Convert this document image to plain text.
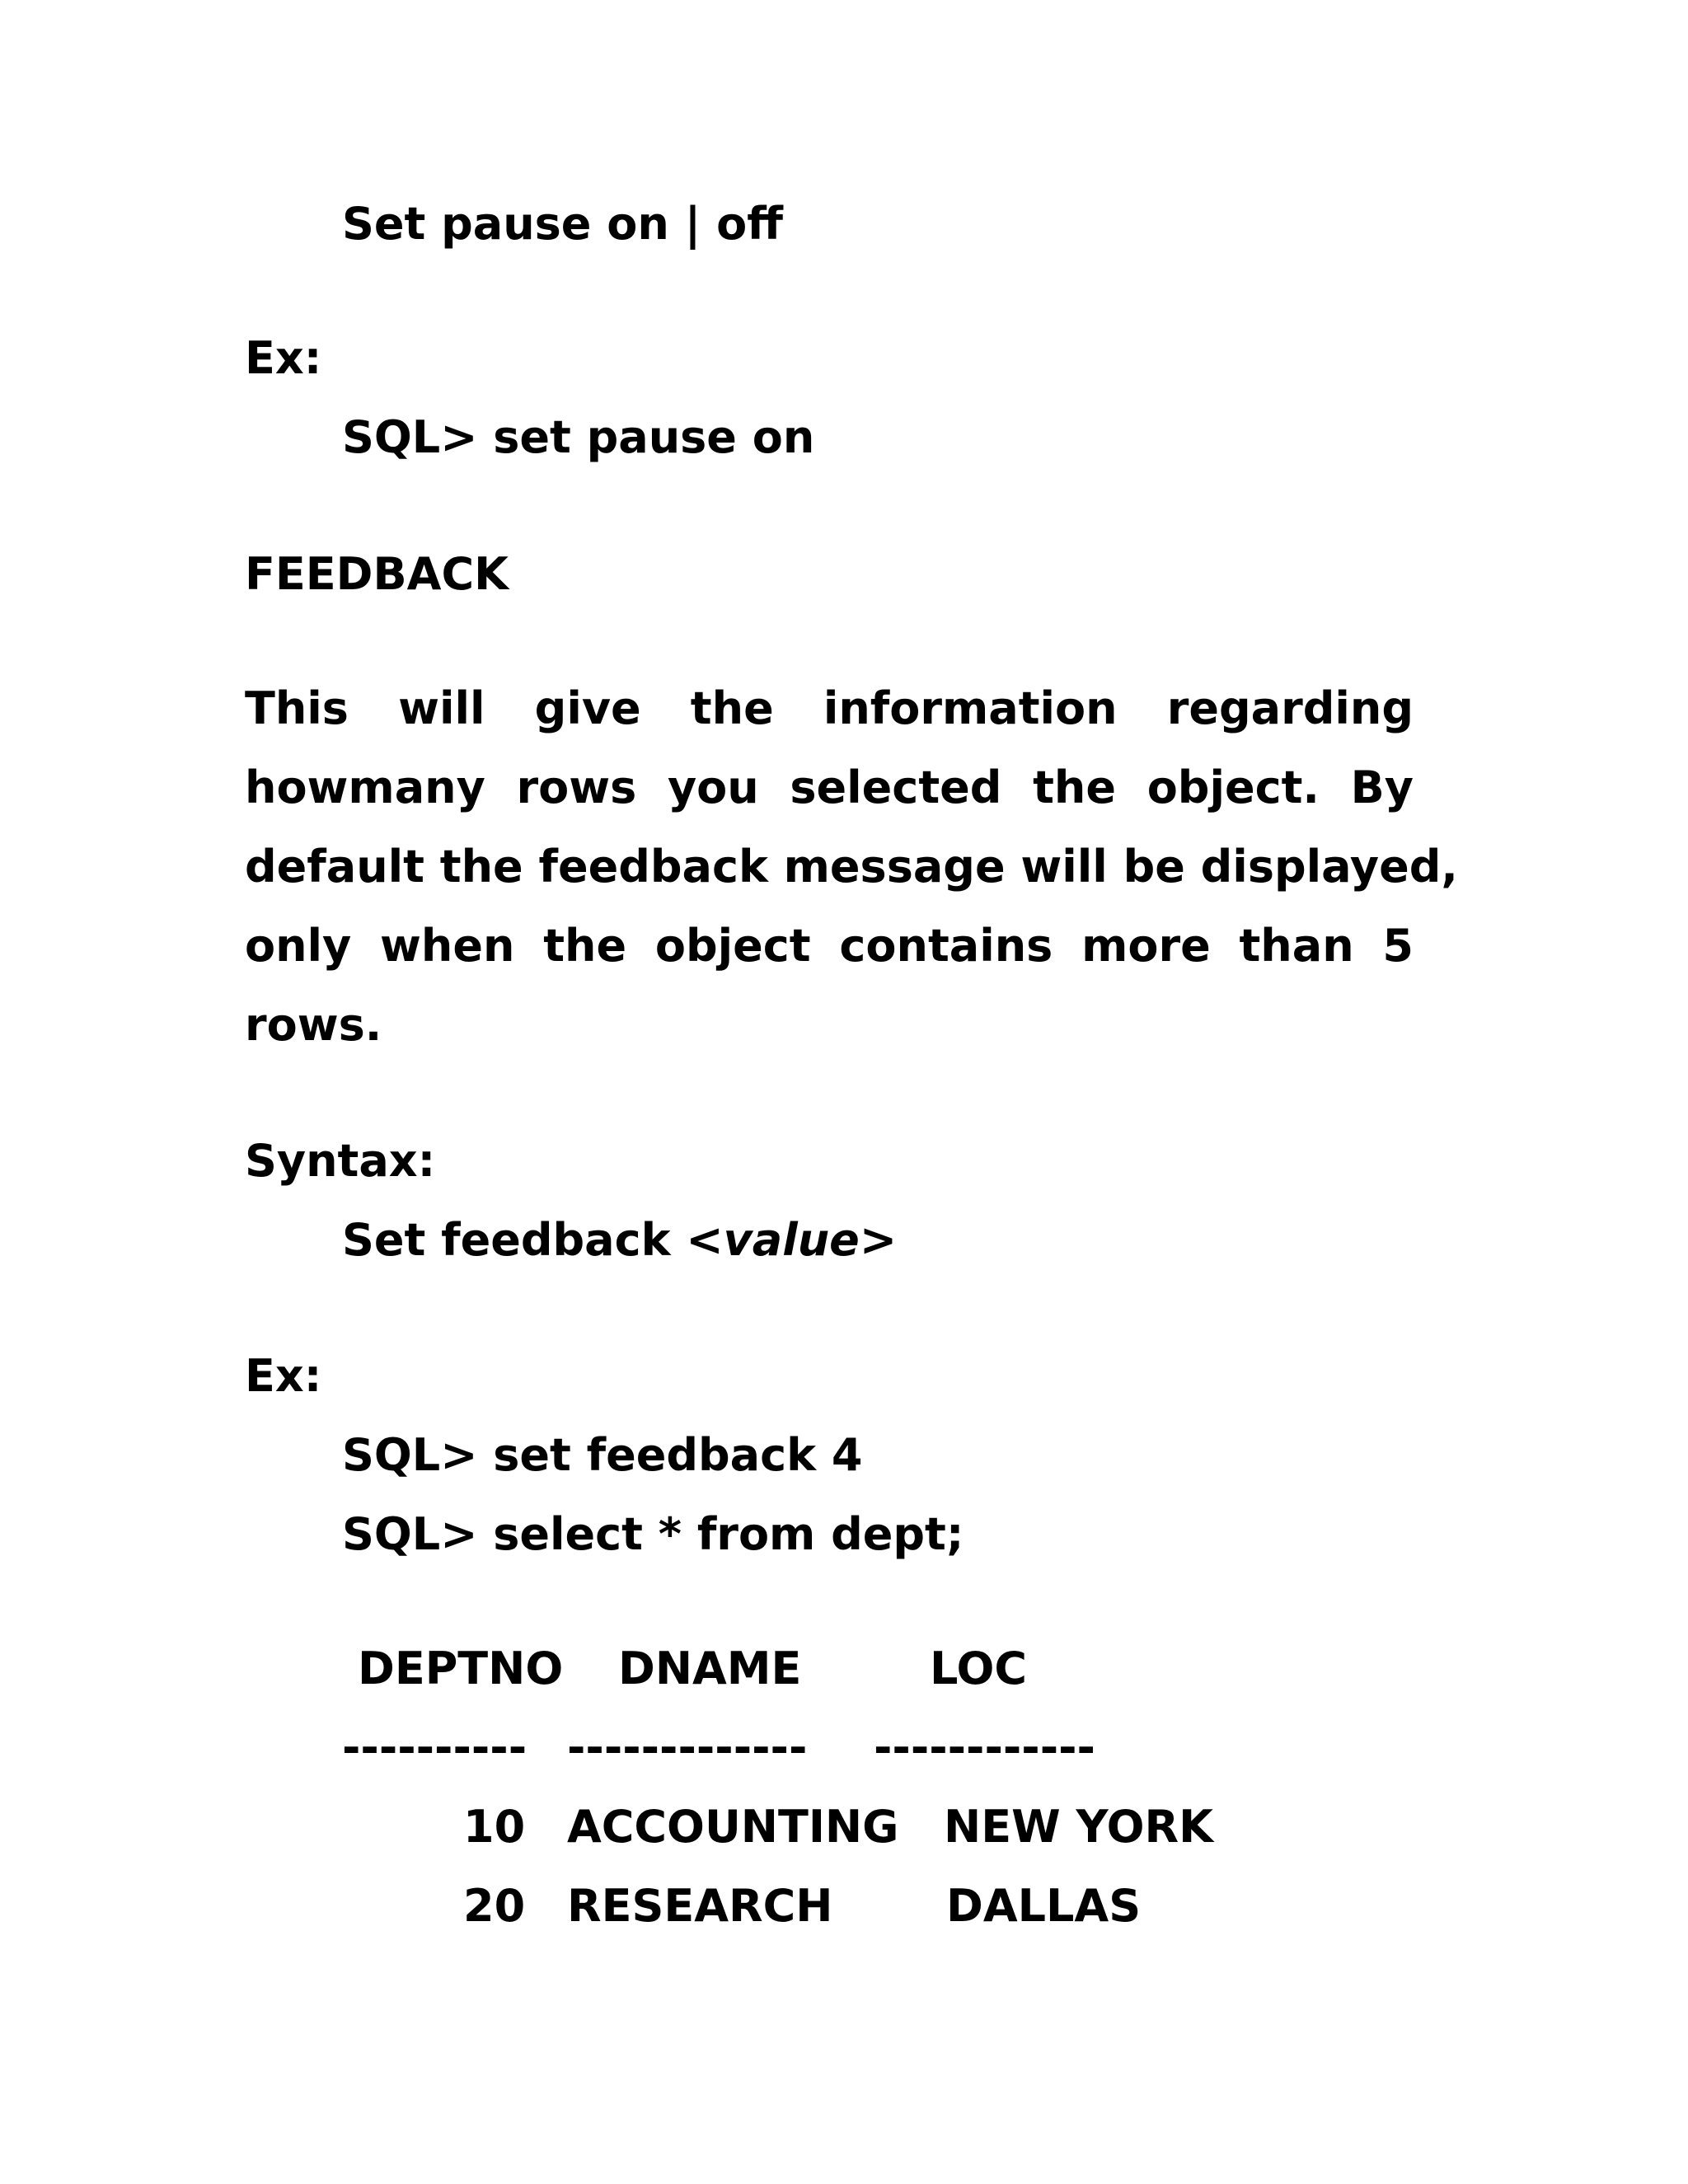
Set pause on | off
Ex:
SQL> set pause on
FEEDBACK
This will give the information regarding
howmany rows you selected the object. By
default the feedback message will be displayed,
only when the object contains more than 5
rows.
Syntax:
Set feedback <value>
Ex:
SQL> set feedback 4
SQL> select * from dept;
DEPTNO DNAME	LOC
---------- ------------- ------------
10 ACCOUNTING NEW YORK
20 RESEARCH	DALLAS
